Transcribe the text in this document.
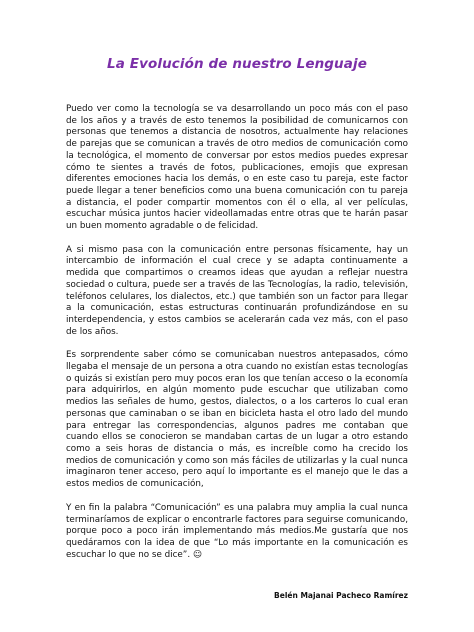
La Evolución de nuestro Lenguaje

Puedo ver como la tecnología se va desarrollando un poco más con el paso de los años y a través de esto tenemos la posibilidad de comunicarnos con personas que tenemos a distancia de nosotros, actualmente hay relaciones de parejas que se comunican a través de otro medios de comunicación como la tecnológica, el momento de conversar por estos medios puedes expresar cómo te sientes a través de fotos, publicaciones, emojis que expresan diferentes emociones hacia los demás, o en este caso tu pareja, este factor puede llegar a tener beneficios como una buena comunicación con tu pareja a distancia, el poder compartir momentos con él o ella, al ver películas, escuchar música juntos hacier videollamadas entre otras que te harán pasar un buen momento agradable o de felicidad.

A si mismo pasa con la comunicación entre personas físicamente, hay un intercambio de información el cual crece y se adapta continuamente a medida que compartimos o creamos ideas que ayudan a reflejar nuestra sociedad o cultura, puede ser a través de las Tecnologías, la radio, televisión, teléfonos celulares, los dialectos, etc.) que también son un factor para llegar a la comunicación, estas estructuras continuarán profundizándose en su interdependencia, y estos cambios se acelerarán cada vez más, con el paso de los años.

Es sorprendente saber cómo se comunicaban nuestros antepasados, cómo llegaba el mensaje de un persona a otra cuando no existían estas tecnologías o quizás si existían pero muy pocos eran los que tenían acceso o la economía para adquirirlos, en algún momento pude escuchar que utilizaban como medios las señales de humo, gestos, dialectos, o a los carteros lo cual eran personas que caminaban o se iban en bicicleta hasta el otro lado del mundo para entregar las correspondencias, algunos padres me contaban que cuando ellos se conocieron se mandaban cartas de un lugar a otro estando como a seis horas de distancia o más, es increíble como ha crecido los medios de comunicación y como son más fáciles de utilizarlas y la cual nunca imaginaron tener acceso, pero aquí lo importante es el manejo que le das a estos medios de comunicación,

Y en fin la palabra “Comunicación” es una palabra muy amplia la cual nunca terminaríamos de explicar o encontrarle factores para seguirse comunicando, porque poco a poco irán implementando más medios.Me gustaría que nos quedáramos con la idea de que “Lo más importante en la comunicación es escuchar lo que no se dice”. ☺

Belén Majanai Pacheco Ramírez
